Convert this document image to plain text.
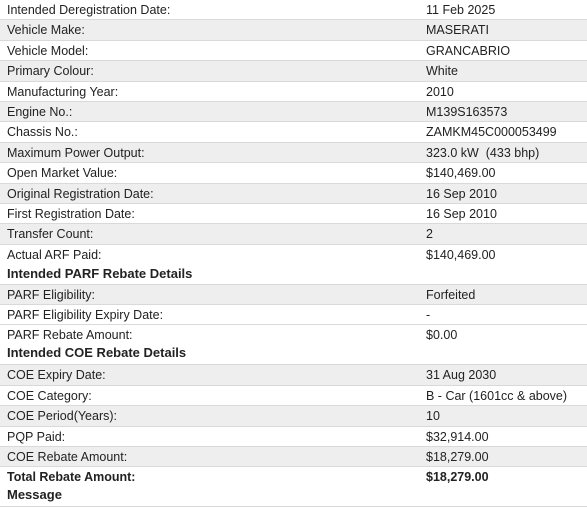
Intended Deregistration Date:	11 Feb 2025
Vehicle Make:	MASERATI
Vehicle Model:	GRANCABRIO
Primary Colour:	White
Manufacturing Year:	2010
Engine No.:	M139S163573
Chassis No.:	ZAMKM45C000053499
Maximum Power Output:	323.0 kW  (433 bhp)
Open Market Value:	$140,469.00
Original Registration Date:	16 Sep 2010
First Registration Date:	16 Sep 2010
Transfer Count:	2
Actual ARF Paid:	$140,469.00
Intended PARF Rebate Details
PARF Eligibility:	Forfeited
PARF Eligibility Expiry Date:	-
PARF Rebate Amount:	$0.00
Intended COE Rebate Details
COE Expiry Date:	31 Aug 2030
COE Category:	B - Car (1601cc & above)
COE Period(Years):	10
PQP Paid:	$32,914.00
COE Rebate Amount:	$18,279.00
Total Rebate Amount:	$18,279.00
Message
